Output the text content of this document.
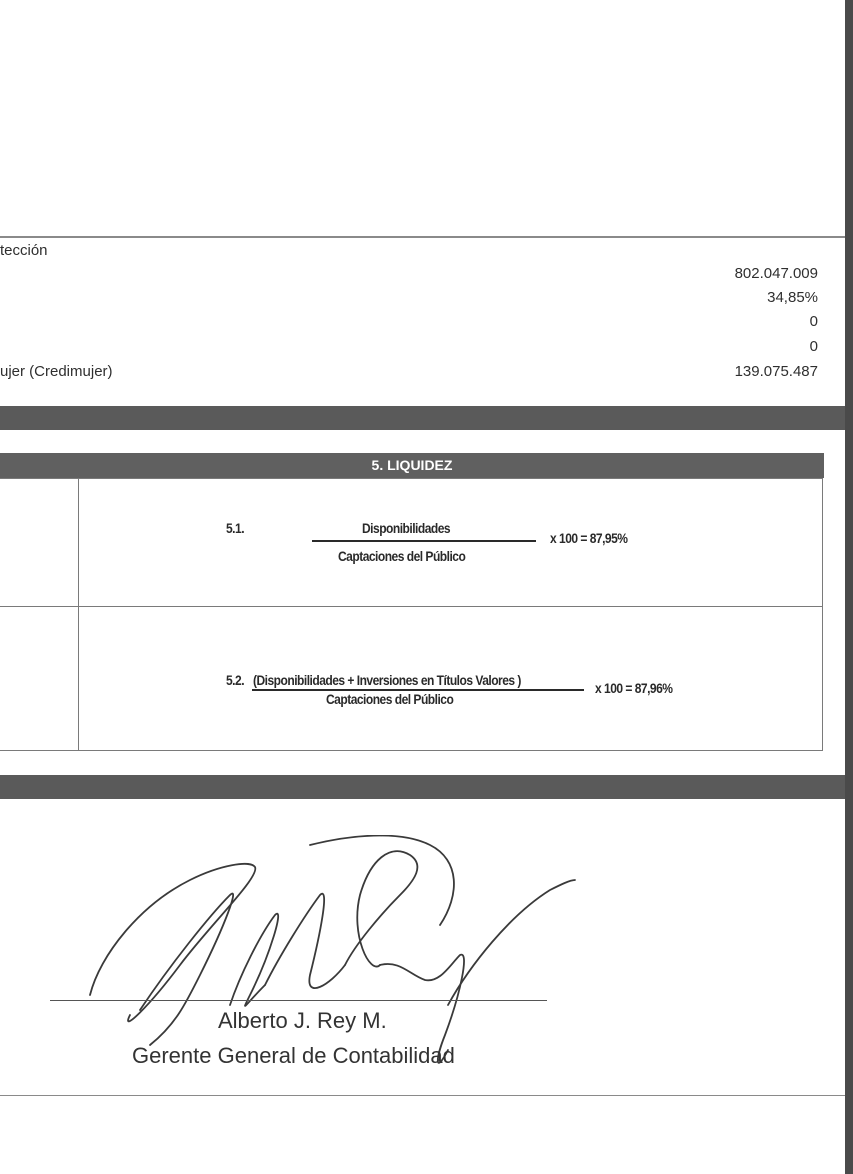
tección
802.047.009
34,85%
0
0
ujer (Credimujer)	139.075.487
5. LIQUIDEZ
5.1.	Disponibilidades
Captaciones del Público
x 100 = 87,95%
5.2. (Disponibilidades + Inversiones en Títulos Valores )
Captaciones del Público
x 100 = 87,96%
Alberto J. Rey M.
Gerente General de Contabilidad
